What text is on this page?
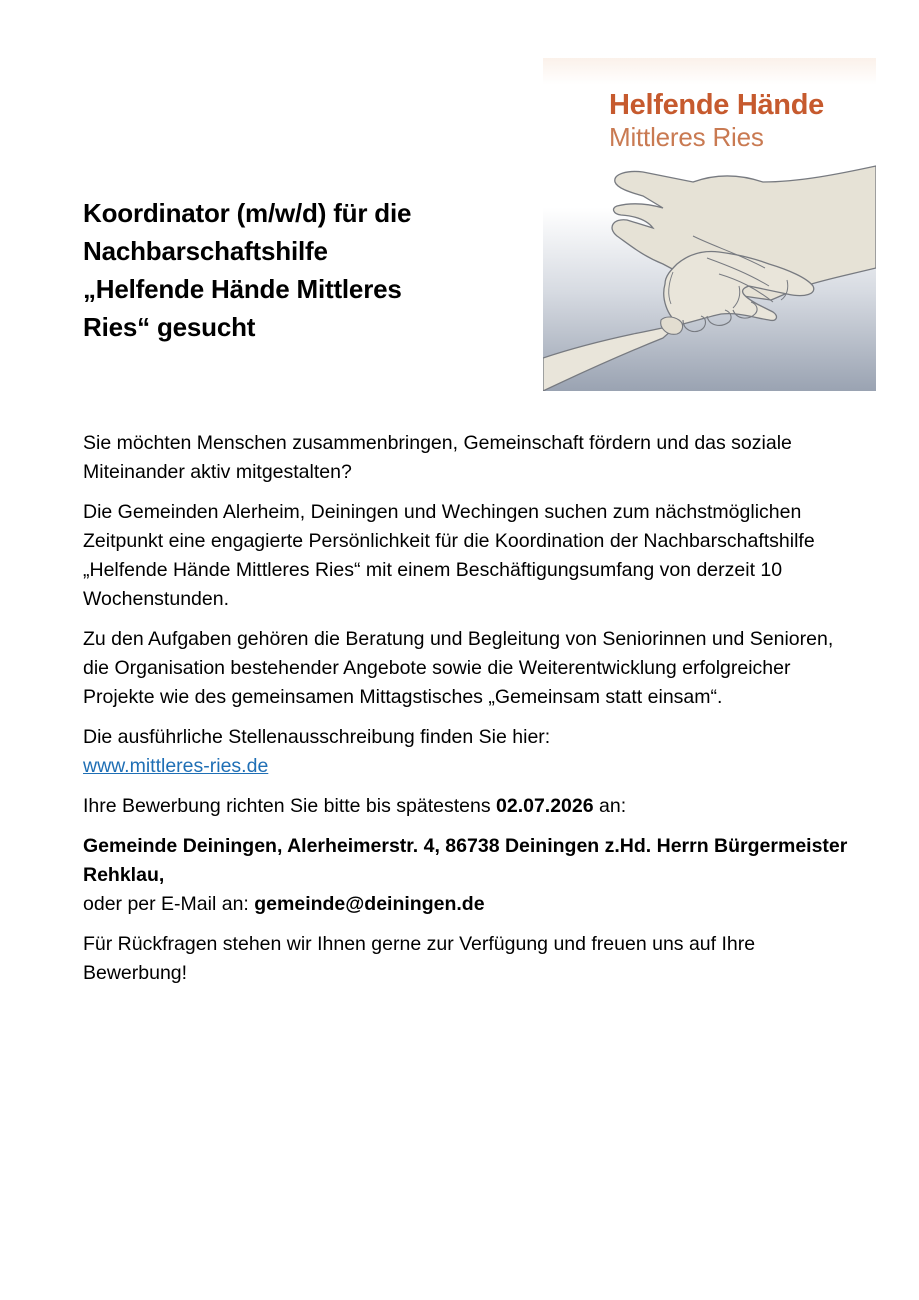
Koordinator (m/w/d) für die
Nachbarschaftshilfe
„Helfende Hände Mittleres
Ries“ gesucht
Helfende Hände
Mittleres Ries

Sie möchten Menschen zusammenbringen, Gemeinschaft fördern und das soziale Miteinander aktiv mitgestalten?

Die Gemeinden Alerheim, Deiningen und Wechingen suchen zum nächstmöglichen Zeitpunkt eine engagierte Persönlichkeit für die Koordination der Nachbarschaftshilfe „Helfende Hände Mittleres Ries“ mit einem Beschäftigungsumfang von derzeit 10 Wochenstunden.

Zu den Aufgaben gehören die Beratung und Begleitung von Seniorinnen und Senioren, die Organisation bestehender Angebote sowie die Weiterentwicklung erfolgreicher Projekte wie des gemeinsamen Mittagstisches „Gemeinsam statt einsam“.

Die ausführliche Stellenausschreibung finden Sie hier:
www.mittleres-ries.de

Ihre Bewerbung richten Sie bitte bis spätestens 02.07.2026 an:

Gemeinde Deiningen, Alerheimerstr. 4, 86738 Deiningen z.Hd. Herrn Bürgermeister Rehklau,
oder per E-Mail an: gemeinde@deiningen.de

Für Rückfragen stehen wir Ihnen gerne zur Verfügung und freuen uns auf Ihre Bewerbung!
